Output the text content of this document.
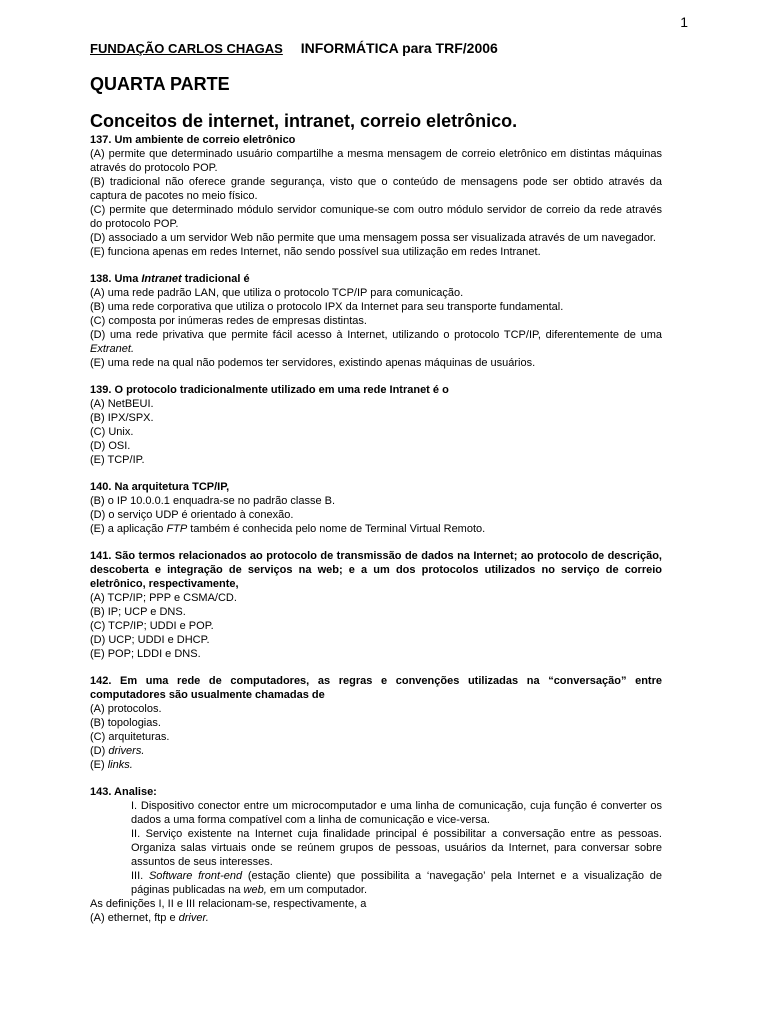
1
FUNDAÇÃO CARLOS CHAGAS INFORMÁTICA para TRF/2006
QUARTA PARTE
Conceitos de internet, intranet, correio eletrônico.
137. Um ambiente de correio eletrônico
(A) permite que determinado usuário compartilhe a mesma mensagem de correio eletrônico em distintas máquinas através do protocolo POP.
(B) tradicional não oferece grande segurança, visto que o conteúdo de mensagens pode ser obtido através da captura de pacotes no meio físico.
(C) permite que determinado módulo servidor comunique-se com outro módulo servidor de correio da rede através do protocolo POP.
(D) associado a um servidor Web não permite que uma mensagem possa ser visualizada através de um navegador.
(E) funciona apenas em redes Internet, não sendo possível sua utilização em redes Intranet.
138. Uma Intranet tradicional é
(A) uma rede padrão LAN, que utiliza o protocolo TCP/IP para comunicação.
(B) uma rede corporativa que utiliza o protocolo IPX da Internet para seu transporte fundamental.
(C) composta por inúmeras redes de empresas distintas.
(D) uma rede privativa que permite fácil acesso à Internet, utilizando o protocolo TCP/IP, diferentemente de uma Extranet.
(E) uma rede na qual não podemos ter servidores, existindo apenas máquinas de usuários.
139. O protocolo tradicionalmente utilizado em uma rede Intranet é o
(A) NetBEUI.
(B) IPX/SPX.
(C) Unix.
(D) OSI.
(E) TCP/IP.
140. Na arquitetura TCP/IP,
(B) o IP 10.0.0.1 enquadra-se no padrão classe B.
(D) o serviço UDP é orientado à conexão.
(E) a aplicação FTP também é conhecida pelo nome de Terminal Virtual Remoto.
141. São termos relacionados ao protocolo de transmissão de dados na Internet; ao protocolo de descrição, descoberta e integração de serviços na web; e a um dos protocolos utilizados no serviço de correio eletrônico, respectivamente,
(A) TCP/IP; PPP e CSMA/CD.
(B) IP; UCP e DNS.
(C) TCP/IP; UDDI e POP.
(D) UCP; UDDI e DHCP.
(E) POP; LDDI e DNS.
142. Em uma rede de computadores, as regras e convenções utilizadas na “conversação” entre computadores são usualmente chamadas de
(A) protocolos.
(B) topologias.
(C) arquiteturas.
(D) drivers.
(E) links.
143. Analise:
I. Dispositivo conector entre um microcomputador e uma linha de comunicação, cuja função é converter os dados a uma forma compatível com a linha de comunicação e vice-versa.
II. Serviço existente na Internet cuja finalidade principal é possibilitar a conversação entre as pessoas. Organiza salas virtuais onde se reúnem grupos de pessoas, usuários da Internet, para conversar sobre assuntos de seus interesses.
III. Software front-end (estação cliente) que possibilita a ‘navegação’ pela Internet e a visualização de páginas publicadas na web, em um computador.
As definições I, II e III relacionam-se, respectivamente, a
(A) ethernet, ftp e driver.
